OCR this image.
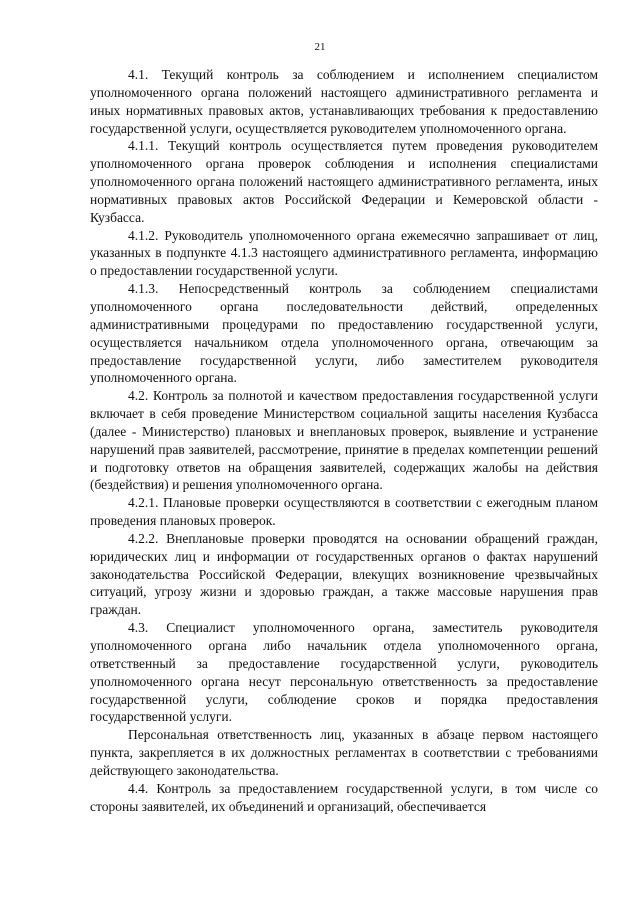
21

4.1. Текущий контроль за соблюдением и исполнением специалистом уполномоченного органа положений настоящего административного регламента и иных нормативных правовых актов, устанавливающих требования к предоставлению государственной услуги, осуществляется руководителем уполномоченного органа.

4.1.1. Текущий контроль осуществляется путем проведения руководителем уполномоченного органа проверок соблюдения и исполнения специалистами уполномоченного органа положений настоящего административного регламента, иных нормативных правовых актов Российской Федерации и Кемеровской области - Кузбасса.

4.1.2. Руководитель уполномоченного органа ежемесячно запрашивает от лиц, указанных в подпункте 4.1.3 настоящего административного регламента, информацию о предоставлении государственной услуги.

4.1.3. Непосредственный контроль за соблюдением специалистами уполномоченного органа последовательности действий, определенных административными процедурами по предоставлению государственной услуги, осуществляется начальником отдела уполномоченного органа, отвечающим за предоставление государственной услуги, либо заместителем руководителя уполномоченного органа.

4.2. Контроль за полнотой и качеством предоставления государственной услуги включает в себя проведение Министерством социальной защиты населения Кузбасса (далее - Министерство) плановых и внеплановых проверок, выявление и устранение нарушений прав заявителей, рассмотрение, принятие в пределах компетенции решений и подготовку ответов на обращения заявителей, содержащих жалобы на действия (бездействия) и решения уполномоченного органа.

4.2.1. Плановые проверки осуществляются в соответствии с ежегодным планом проведения плановых проверок.

4.2.2. Внеплановые проверки проводятся на основании обращений граждан, юридических лиц и информации от государственных органов о фактах нарушений законодательства Российской Федерации, влекущих возникновение чрезвычайных ситуаций, угрозу жизни и здоровью граждан, а также массовые нарушения прав граждан.

4.3. Специалист уполномоченного органа, заместитель руководителя уполномоченного органа либо начальник отдела уполномоченного органа, ответственный за предоставление государственной услуги, руководитель уполномоченного органа несут персональную ответственность за предоставление государственной услуги, соблюдение сроков и порядка предоставления государственной услуги.

Персональная ответственность лиц, указанных в абзаце первом настоящего пункта, закрепляется в их должностных регламентах в соответствии с требованиями действующего законодательства.

4.4. Контроль за предоставлением государственной услуги, в том числе со стороны заявителей, их объединений и организаций, обеспечивается
